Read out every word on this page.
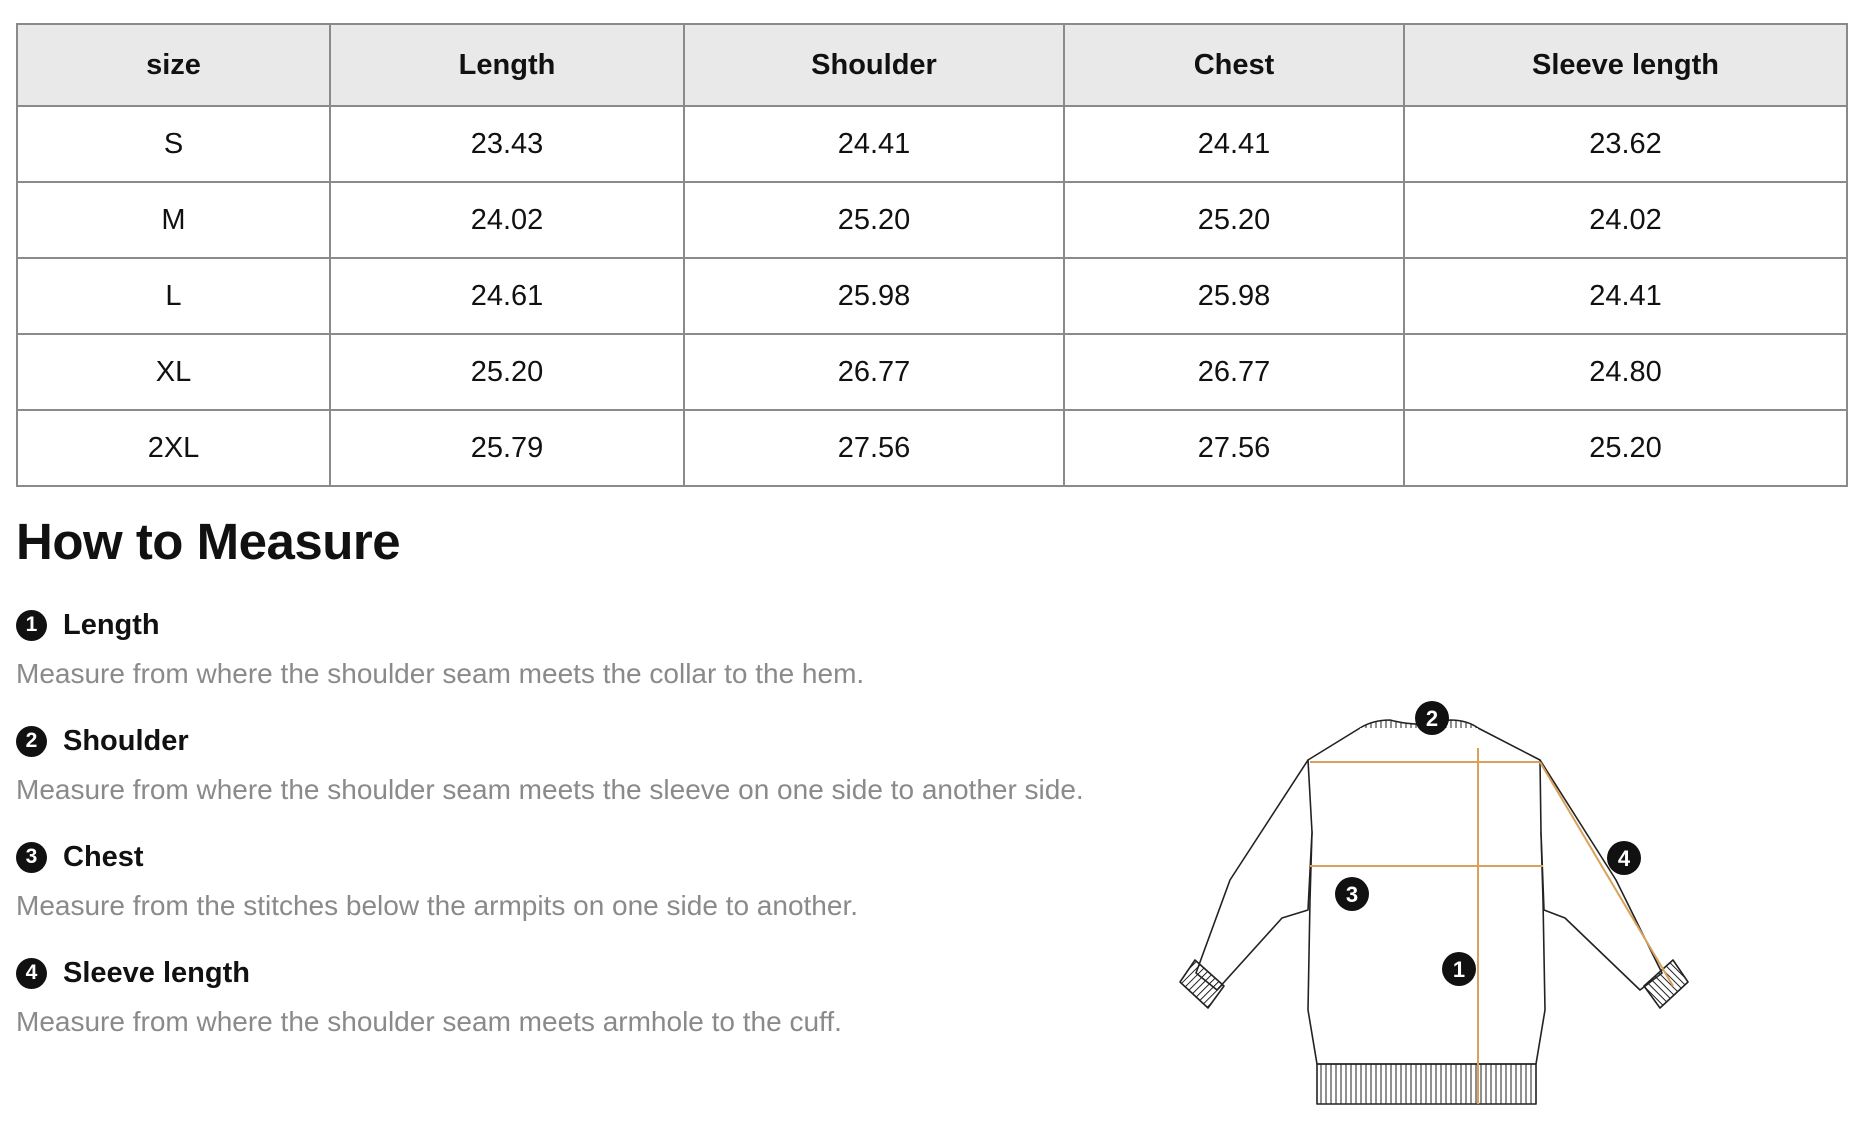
size	Length	Shoulder	Chest	Sleeve length
S	23.43	24.41	24.41	23.62
M	24.02	25.20	25.20	24.02
L	24.61	25.98	25.98	24.41
XL	25.20	26.77	26.77	24.80
2XL	25.79	27.56	27.56	25.20
How to Measure
1 Length
Measure from where the shoulder seam meets the collar to the hem.
2 Shoulder
Measure from where the shoulder seam meets the sleeve on one side to another side.
3 Chest
Measure from the stitches below the armpits on one side to another.
4 Sleeve length
Measure from where the shoulder seam meets armhole to the cuff.
2
3
1
4
